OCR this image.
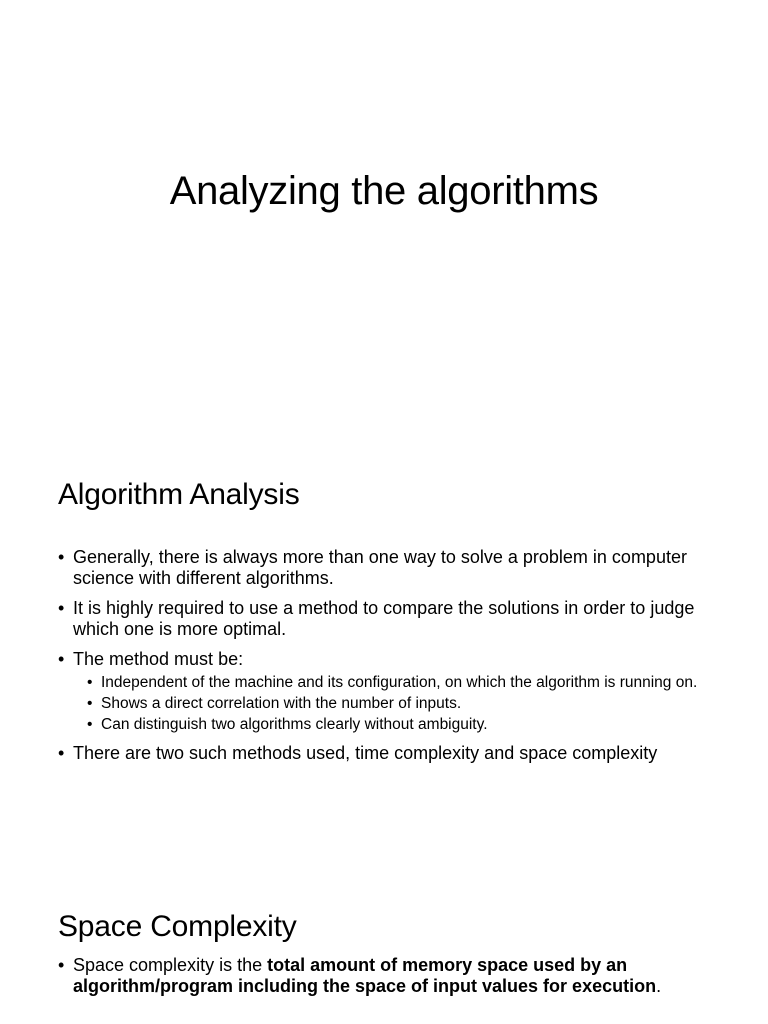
Analyzing the algorithms
Algorithm Analysis
• Generally, there is always more than one way to solve a problem in computer science with different algorithms.
• It is highly required to use a method to compare the solutions in order to judge which one is more optimal.
• The method must be:
• Independent of the machine and its configuration, on which the algorithm is running on.
• Shows a direct correlation with the number of inputs.
• Can distinguish two algorithms clearly without ambiguity.
• There are two such methods used, time complexity and space complexity
Space Complexity
• Space complexity is the total amount of memory space used by an algorithm/program including the space of input values for execution.
